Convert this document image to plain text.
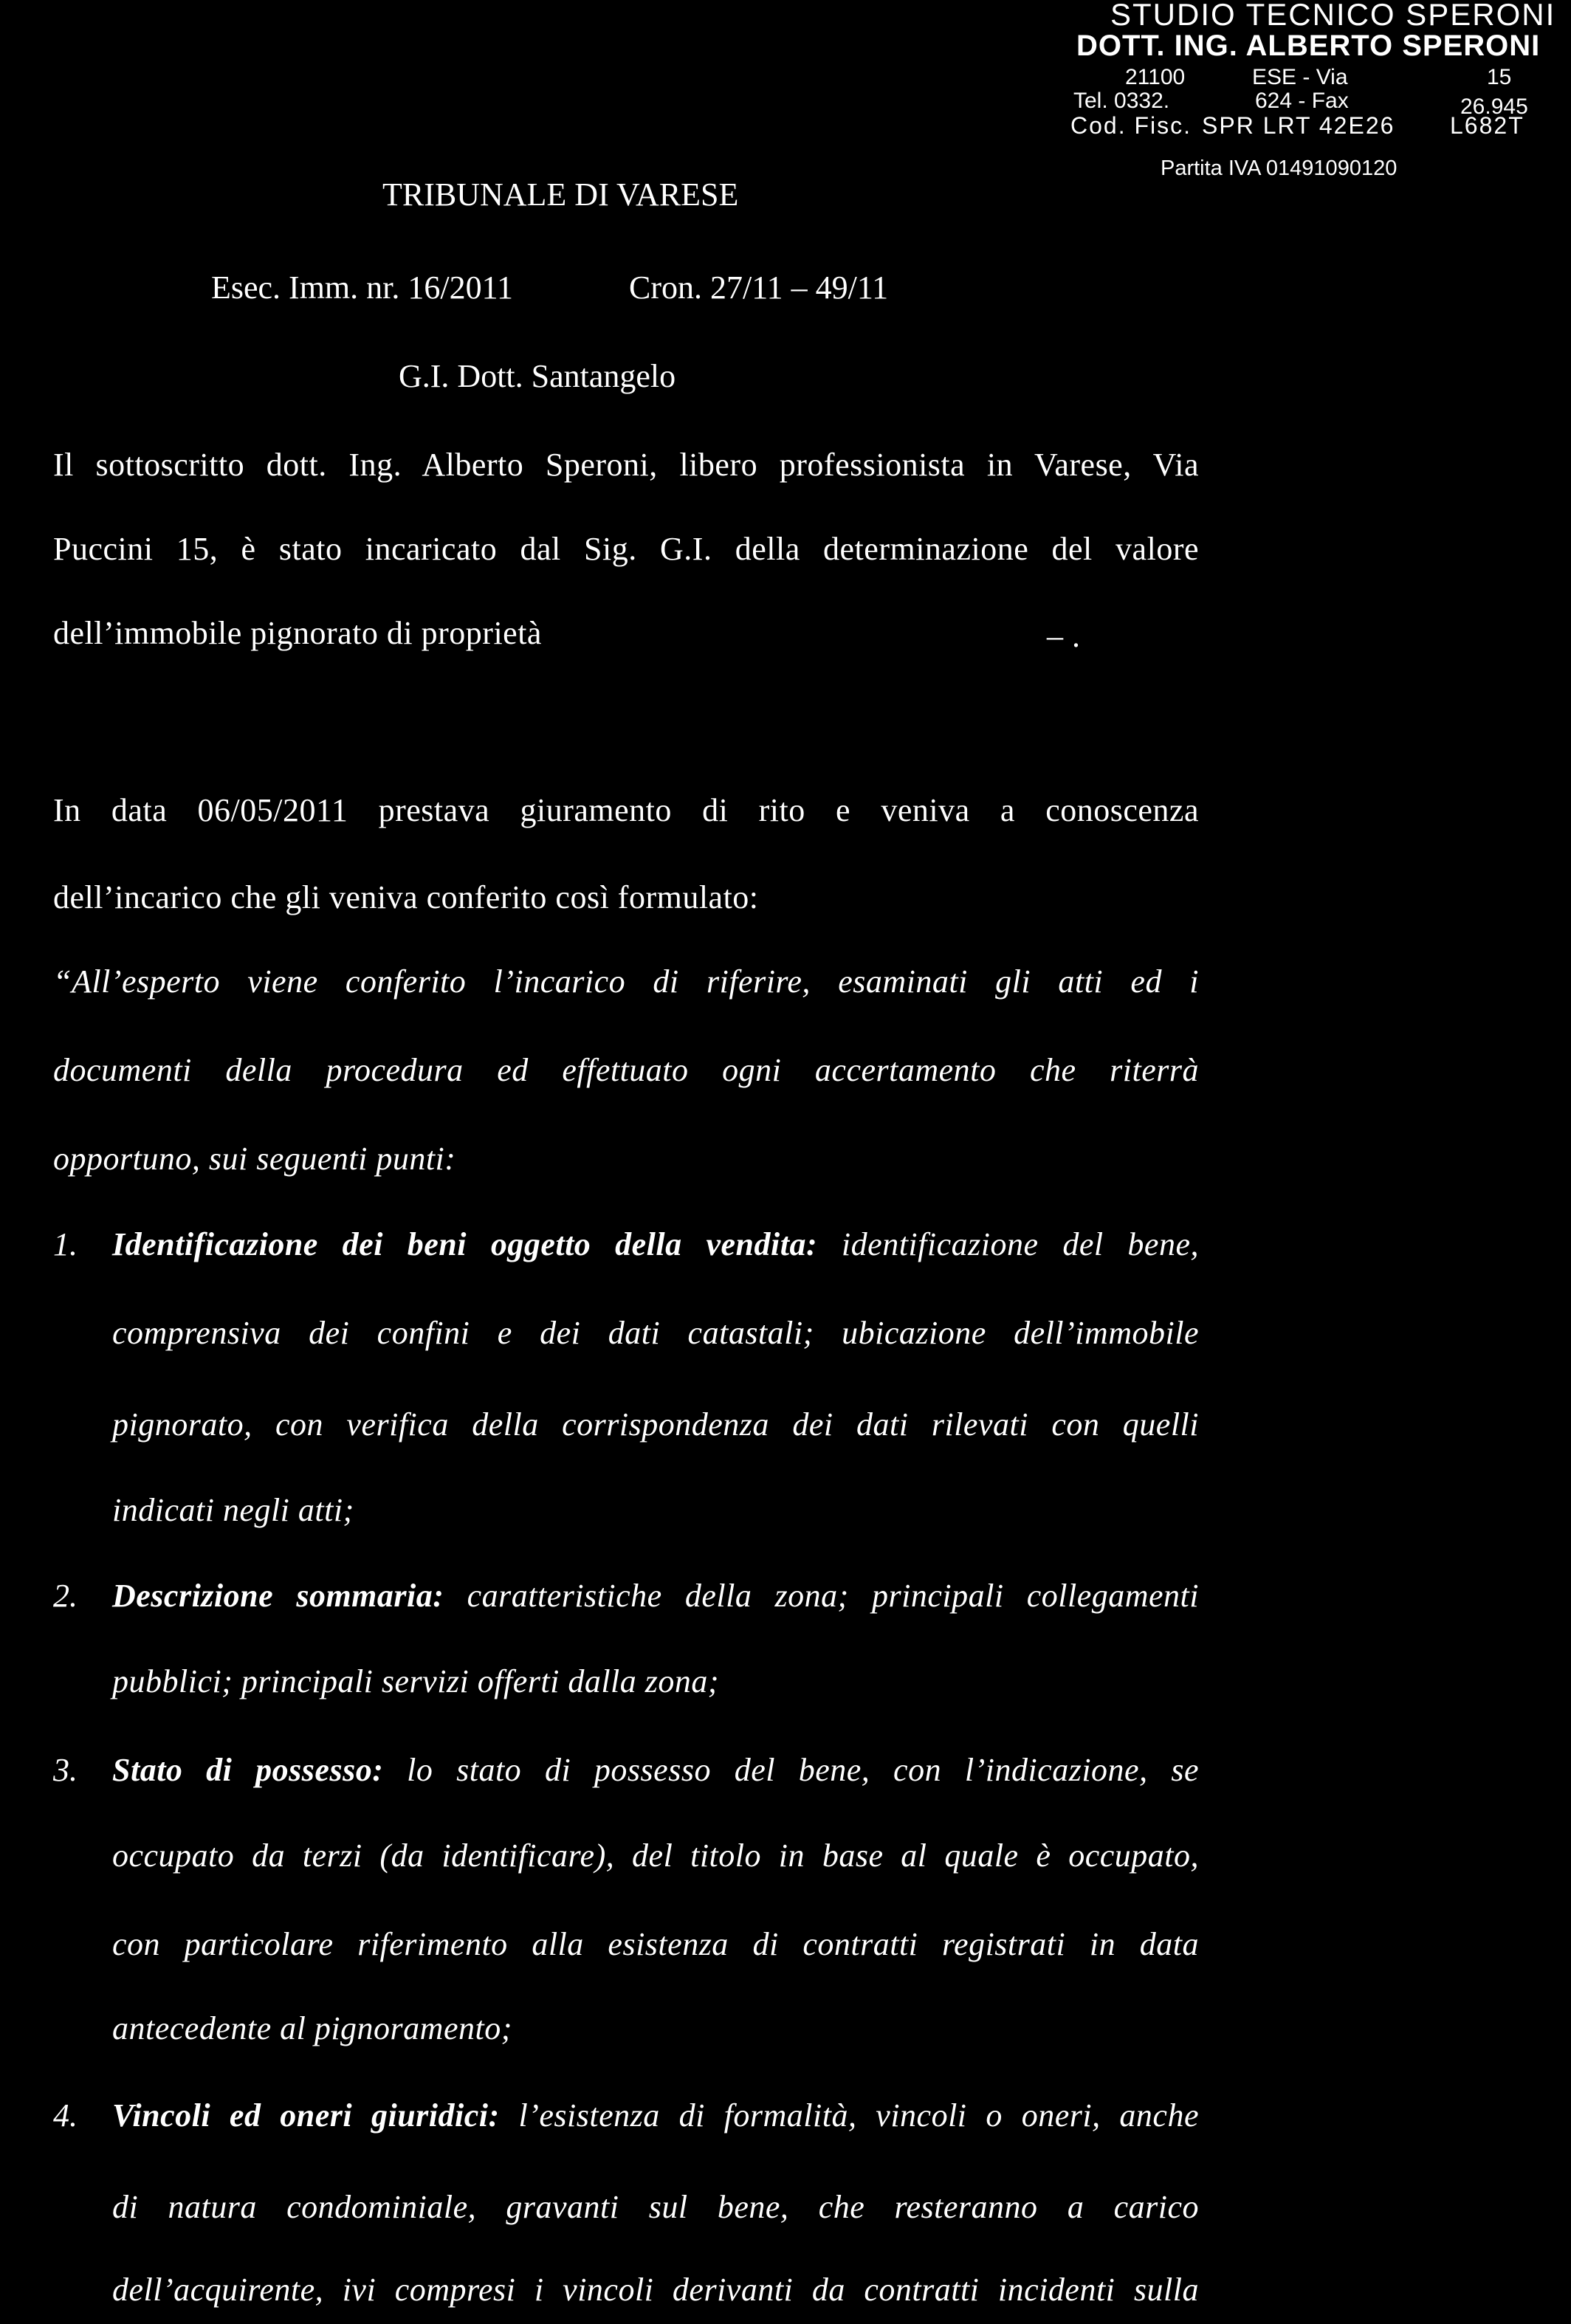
STUDIO TECNICO SPERONI
DOTT. ING. ALBERTO SPERONI
21100	ESE - Via	15
Tel. 0332.	624 - Fax	26.945
Cod. Fisc. SPR LRT 42E26 L682T
Partita IVA 01491090120
TRIBUNALE DI VARESE
Esec. Imm. nr. 16/2011	Cron. 27/11 – 49/11
G.I. Dott. Santangelo
Il sottoscritto dott. Ing. Alberto Speroni, libero professionista in Varese, Via
Puccini 15, è stato incaricato dal Sig. G.I. della determinazione del valore
dell’immobile pignorato di proprietà	– .
In data 06/05/2011 prestava giuramento di rito e veniva a conoscenza
dell’incarico che gli veniva conferito così formulato:
“All’esperto viene conferito l’incarico di riferire, esaminati gli atti ed i
documenti della procedura ed effettuato ogni accertamento che riterrà
opportuno, sui seguenti punti:
1. Identificazione dei beni oggetto della vendita: identificazione del bene,
comprensiva dei confini e dei dati catastali; ubicazione dell’immobile
pignorato, con verifica della corrispondenza dei dati rilevati con quelli
indicati negli atti;
2. Descrizione sommaria: caratteristiche della zona; principali collegamenti
pubblici; principali servizi offerti dalla zona;
3. Stato di possesso: lo stato di possesso del bene, con l’indicazione, se
occupato da terzi (da identificare), del titolo in base al quale è occupato,
con particolare riferimento alla esistenza di contratti registrati in data
antecedente al pignoramento;
4. Vincoli ed oneri giuridici: l’esistenza di formalità, vincoli o oneri, anche
di natura condominiale, gravanti sul bene, che resteranno a carico
dell’acquirente, ivi compresi i vincoli derivanti da contratti incidenti sulla
